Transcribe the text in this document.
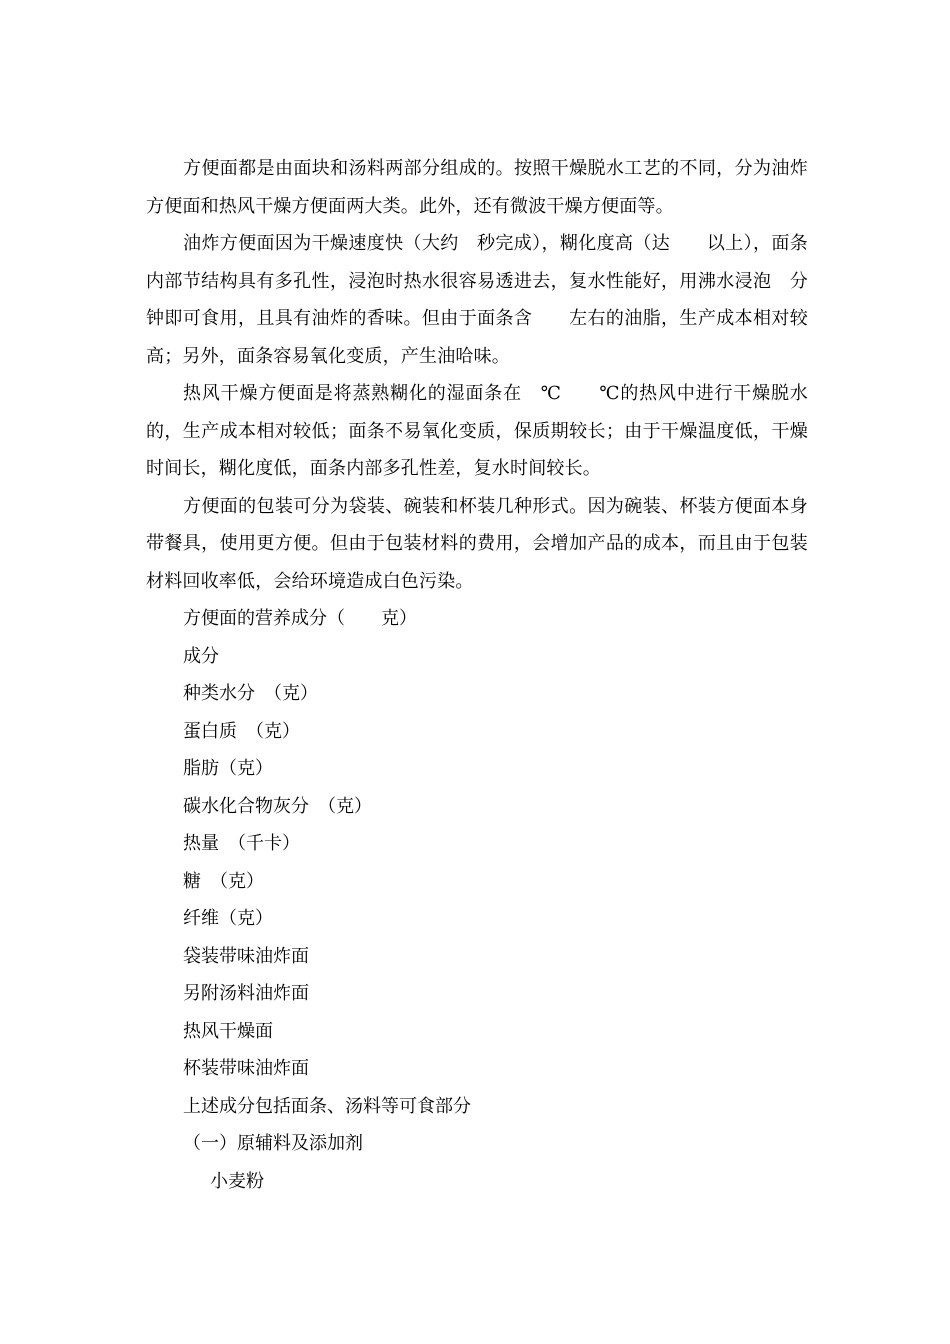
方便面都是由面块和汤料两部分组成的。按照干燥脱水工艺的不同，分为油炸方便面和热风干燥方便面两大类。此外，还有微波干燥方便面等。

油炸方便面因为干燥速度快（大约　秒完成），糊化度高（达　　以上），面条内部节结构具有多孔性，浸泡时热水很容易透进去，复水性能好，用沸水浸泡　分钟即可食用，且具有油炸的香味。但由于面条含　　左右的油脂，生产成本相对较高；另外，面条容易氧化变质，产生油哈味。

热风干燥方便面是将蒸熟糊化的湿面条在　℃　　℃的热风中进行干燥脱水的，生产成本相对较低；面条不易氧化变质，保质期较长；由于干燥温度低，干燥时间长，糊化度低，面条内部多孔性差，复水时间较长。

方便面的包装可分为袋装、碗装和杯装几种形式。因为碗装、杯装方便面本身带餐具，使用更方便。但由于包装材料的费用，会增加产品的成本，而且由于包装材料回收率低，会给环境造成白色污染。

方便面的营养成分（　　克）

成分

种类水分　（克）

蛋白质　（克）

脂肪（克）

碳水化合物灰分　（克）

热量　（千卡）

糖　（克）

纤维（克）

袋装带味油炸面

另附汤料油炸面

热风干燥面

杯装带味油炸面

上述成分包括面条、汤料等可食部分

（一）原辅料及添加剂

小麦粉
